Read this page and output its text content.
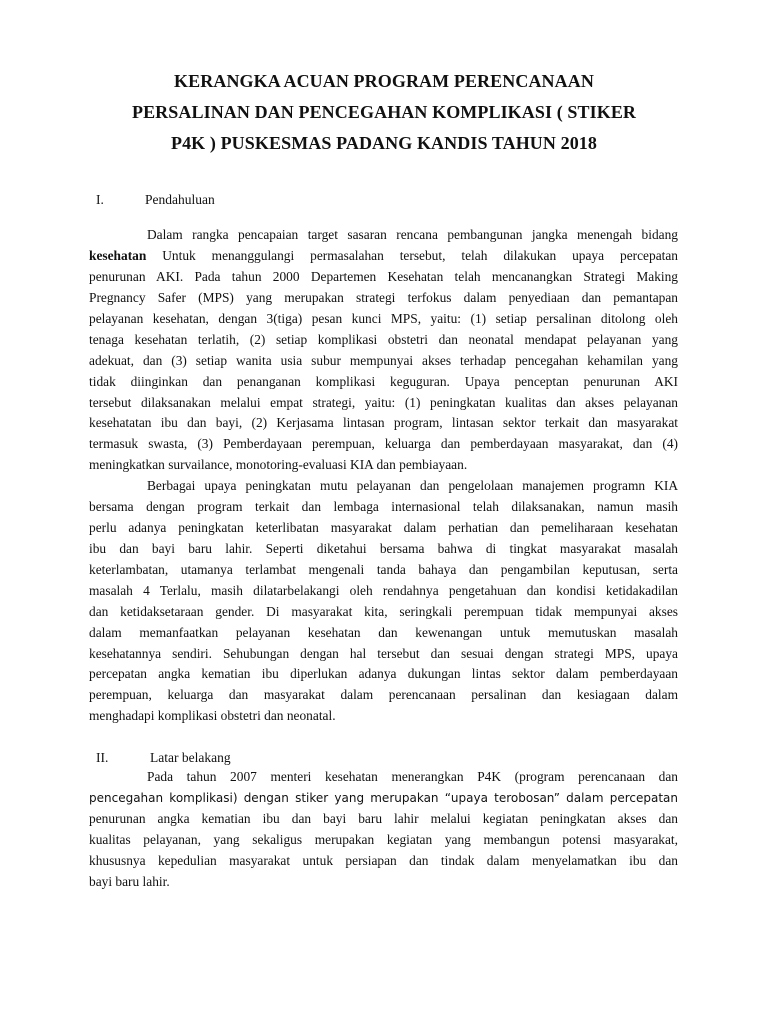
KERANGKA ACUAN PROGRAM PERENCANAAN
PERSALINAN DAN PENCEGAHAN KOMPLIKASI ( STIKER
P4K ) PUSKESMAS PADANG KANDIS TAHUN 2018
I.	Pendahuluan
Dalam rangka pencapaian target sasaran rencana pembangunan jangka menengah bidang
kesehatan Untuk menanggulangi permasalahan tersebut, telah dilakukan upaya percepatan
penurunan AKI. Pada tahun 2000 Departemen Kesehatan telah mencanangkan Strategi Making
Pregnancy Safer (MPS) yang merupakan strategi terfokus dalam penyediaan dan pemantapan
pelayanan kesehatan, dengan 3(tiga) pesan kunci MPS, yaitu: (1) setiap persalinan ditolong oleh
tenaga kesehatan terlatih, (2) setiap komplikasi obstetri dan neonatal mendapat pelayanan yang
adekuat, dan (3) setiap wanita usia subur mempunyai akses terhadap pencegahan kehamilan yang
tidak diinginkan dan penanganan komplikasi keguguran. Upaya penceptan penurunan AKI
tersebut dilaksanakan melalui empat strategi, yaitu: (1) peningkatan kualitas dan akses pelayanan
kesehatatan ibu dan bayi, (2) Kerjasama lintasan program, lintasan sektor terkait dan masyarakat
termasuk swasta, (3) Pemberdayaan perempuan, keluarga dan pemberdayaan masyarakat, dan (4)
meningkatkan survailance, monotoring-evaluasi KIA dan pembiayaan.
Berbagai upaya peningkatan mutu pelayanan dan pengelolaan manajemen programn KIA
bersama dengan program terkait dan lembaga internasional telah dilaksanakan, namun masih
perlu adanya peningkatan keterlibatan masyarakat dalam perhatian dan pemeliharaan kesehatan
ibu dan bayi baru lahir. Seperti diketahui bersama bahwa di tingkat masyarakat masalah
keterlambatan, utamanya terlambat mengenali tanda bahaya dan pengambilan keputusan, serta
masalah 4 Terlalu, masih dilatarbelakangi oleh rendahnya pengetahuan dan kondisi ketidakadilan
dan ketidaksetaraan gender. Di masyarakat kita, seringkali perempuan tidak mempunyai akses
dalam memanfaatkan pelayanan kesehatan dan kewenangan untuk memutuskan masalah
kesehatannya sendiri. Sehubungan dengan hal tersebut dan sesuai dengan strategi MPS, upaya
percepatan angka kematian ibu diperlukan adanya dukungan lintas sektor dalam pemberdayaan
perempuan, keluarga dan masyarakat dalam perencanaan persalinan dan kesiagaan dalam
menghadapi komplikasi obstetri dan neonatal.
II.	Latar belakang
Pada tahun 2007 menteri kesehatan menerangkan P4K (program perencanaan dan
pencegahan komplikasi) dengan stiker yang merupakan “upaya terobosan” dalam percepatan
penurunan angka kematian ibu dan bayi baru lahir melalui kegiatan peningkatan akses dan
kualitas pelayanan, yang sekaligus merupakan kegiatan yang membangun potensi masyarakat,
khususnya kepedulian masyarakat untuk persiapan dan tindak dalam menyelamatkan ibu dan
bayi baru lahir.
